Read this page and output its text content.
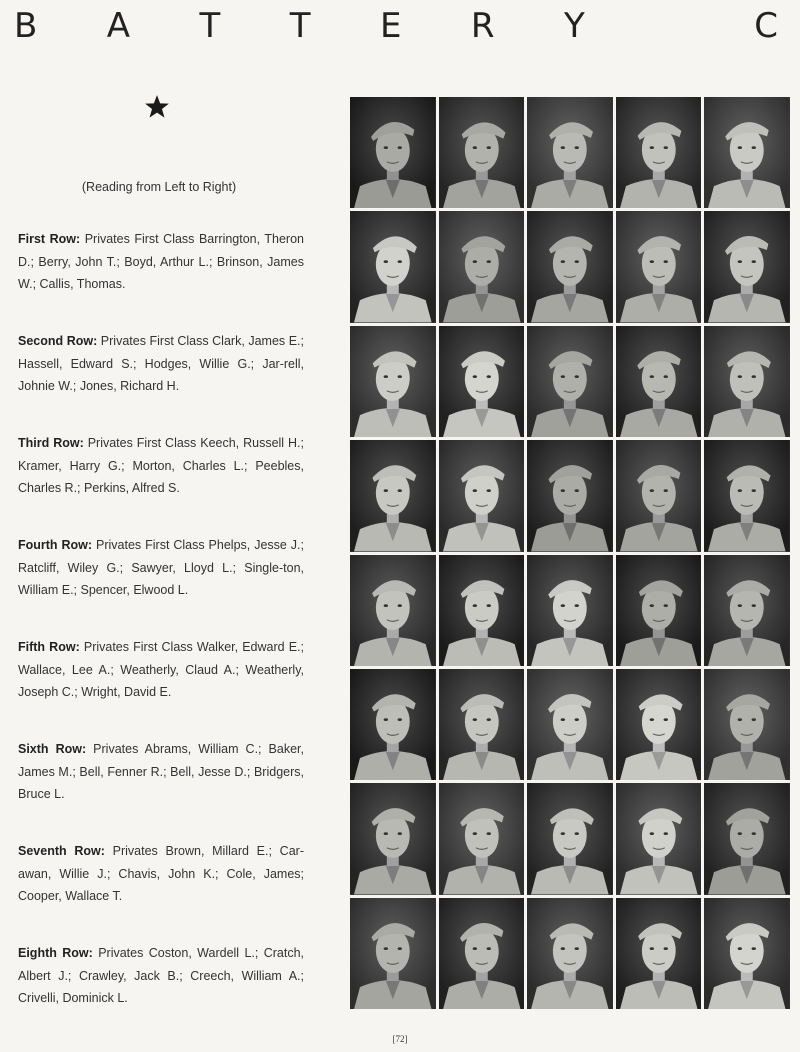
B A T T E R Y	C
(Reading from Left to Right)
First Row: Privates First Class Barrington, Theron D.; Berry, John T.; Boyd, Arthur L.; Brinson, James W.; Callis, Thomas.
Second Row: Privates First Class Clark, James E.; Hassell, Edward S.; Hodges, Willie G.; Jar-rell, Johnie W.; Jones, Richard H.
Third Row: Privates First Class Keech, Russell H.; Kramer, Harry G.; Morton, Charles L.; Peebles, Charles R.; Perkins, Alfred S.
Fourth Row: Privates First Class Phelps, Jesse J.; Ratcliff, Wiley G.; Sawyer, Lloyd L.; Single-ton, William E.; Spencer, Elwood L.
Fifth Row: Privates First Class Walker, Edward E.; Wallace, Lee A.; Weatherly, Claud A.; Weatherly, Joseph C.; Wright, David E.
Sixth Row: Privates Abrams, William C.; Baker, James M.; Bell, Fenner R.; Bell, Jesse D.; Bridgers, Bruce L.
Seventh Row: Privates Brown, Millard E.; Car-awan, Willie J.; Chavis, John K.; Cole, James; Cooper, Wallace T.
Eighth Row: Privates Coston, Wardell L.; Cratch, Albert J.; Crawley, Jack B.; Creech, William A.; Crivelli, Dominick L.
[72]
